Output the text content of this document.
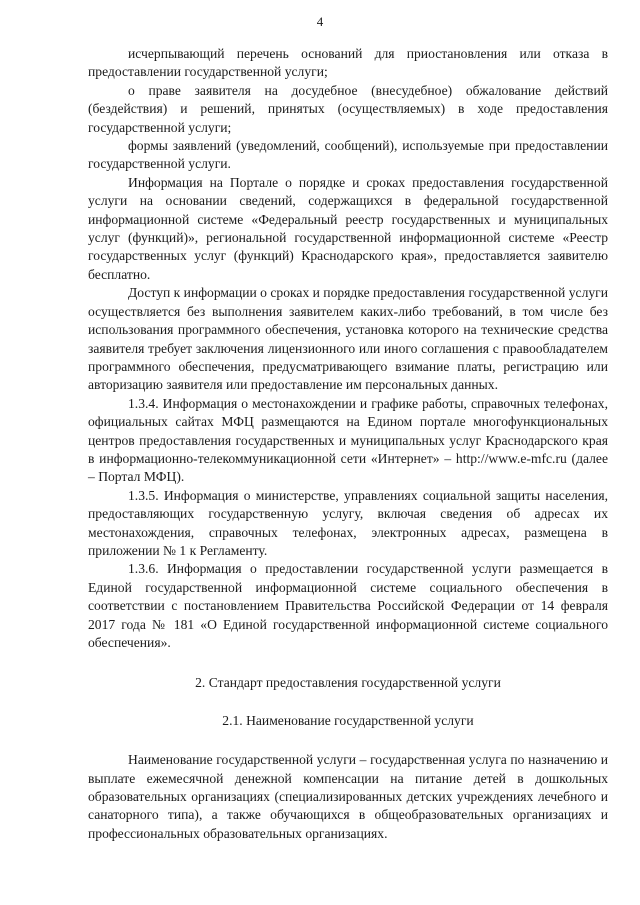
4

исчерпывающий перечень оснований для приостановления или отказа в предоставлении государственной услуги;

о праве заявителя на досудебное (внесудебное) обжалование действий (бездействия) и решений, принятых (осуществляемых) в ходе предоставления государственной услуги;

формы заявлений (уведомлений, сообщений), используемые при предоставлении государственной услуги.

Информация на Портале о порядке и сроках предоставления государственной услуги на основании сведений, содержащихся в федеральной государственной информационной системе «Федеральный реестр государственных и муниципальных услуг (функций)», региональной государственной информационной системе «Реестр государственных услуг (функций) Краснодарского края», предоставляется заявителю бесплатно.

Доступ к информации о сроках и порядке предоставления государственной услуги осуществляется без выполнения заявителем каких-либо требований, в том числе без использования программного обеспечения, установка которого на технические средства заявителя требует заключения лицензионного или иного соглашения с правообладателем программного обеспечения, предусматривающего взимание платы, регистрацию или авторизацию заявителя или предоставление им персональных данных.

1.3.4. Информация о местонахождении и графике работы, справочных телефонах, официальных сайтах МФЦ размещаются на Едином портале многофункциональных центров предоставления государственных и муниципальных услуг Краснодарского края в информационно-телекоммуникационной сети «Интернет» – http://www.e-mfc.ru (далее – Портал МФЦ).

1.3.5. Информация о министерстве, управлениях социальной защиты населения, предоставляющих государственную услугу, включая сведения об адресах их местонахождения, справочных телефонах, электронных адресах, размещена в приложении № 1 к Регламенту.

1.3.6. Информация о предоставлении государственной услуги размещается в Единой государственной информационной системе социального обеспечения в соответствии с постановлением Правительства Российской Федерации от 14 февраля 2017 года № 181 «О Единой государственной информационной системе социального обеспечения».

2. Стандарт предоставления государственной услуги

2.1. Наименование государственной услуги

Наименование государственной услуги – государственная услуга по назначению и выплате ежемесячной денежной компенсации на питание детей в дошкольных образовательных организациях (специализированных детских учреждениях лечебного и санаторного типа), а также обучающихся в общеобразовательных организациях и профессиональных образовательных организациях.
